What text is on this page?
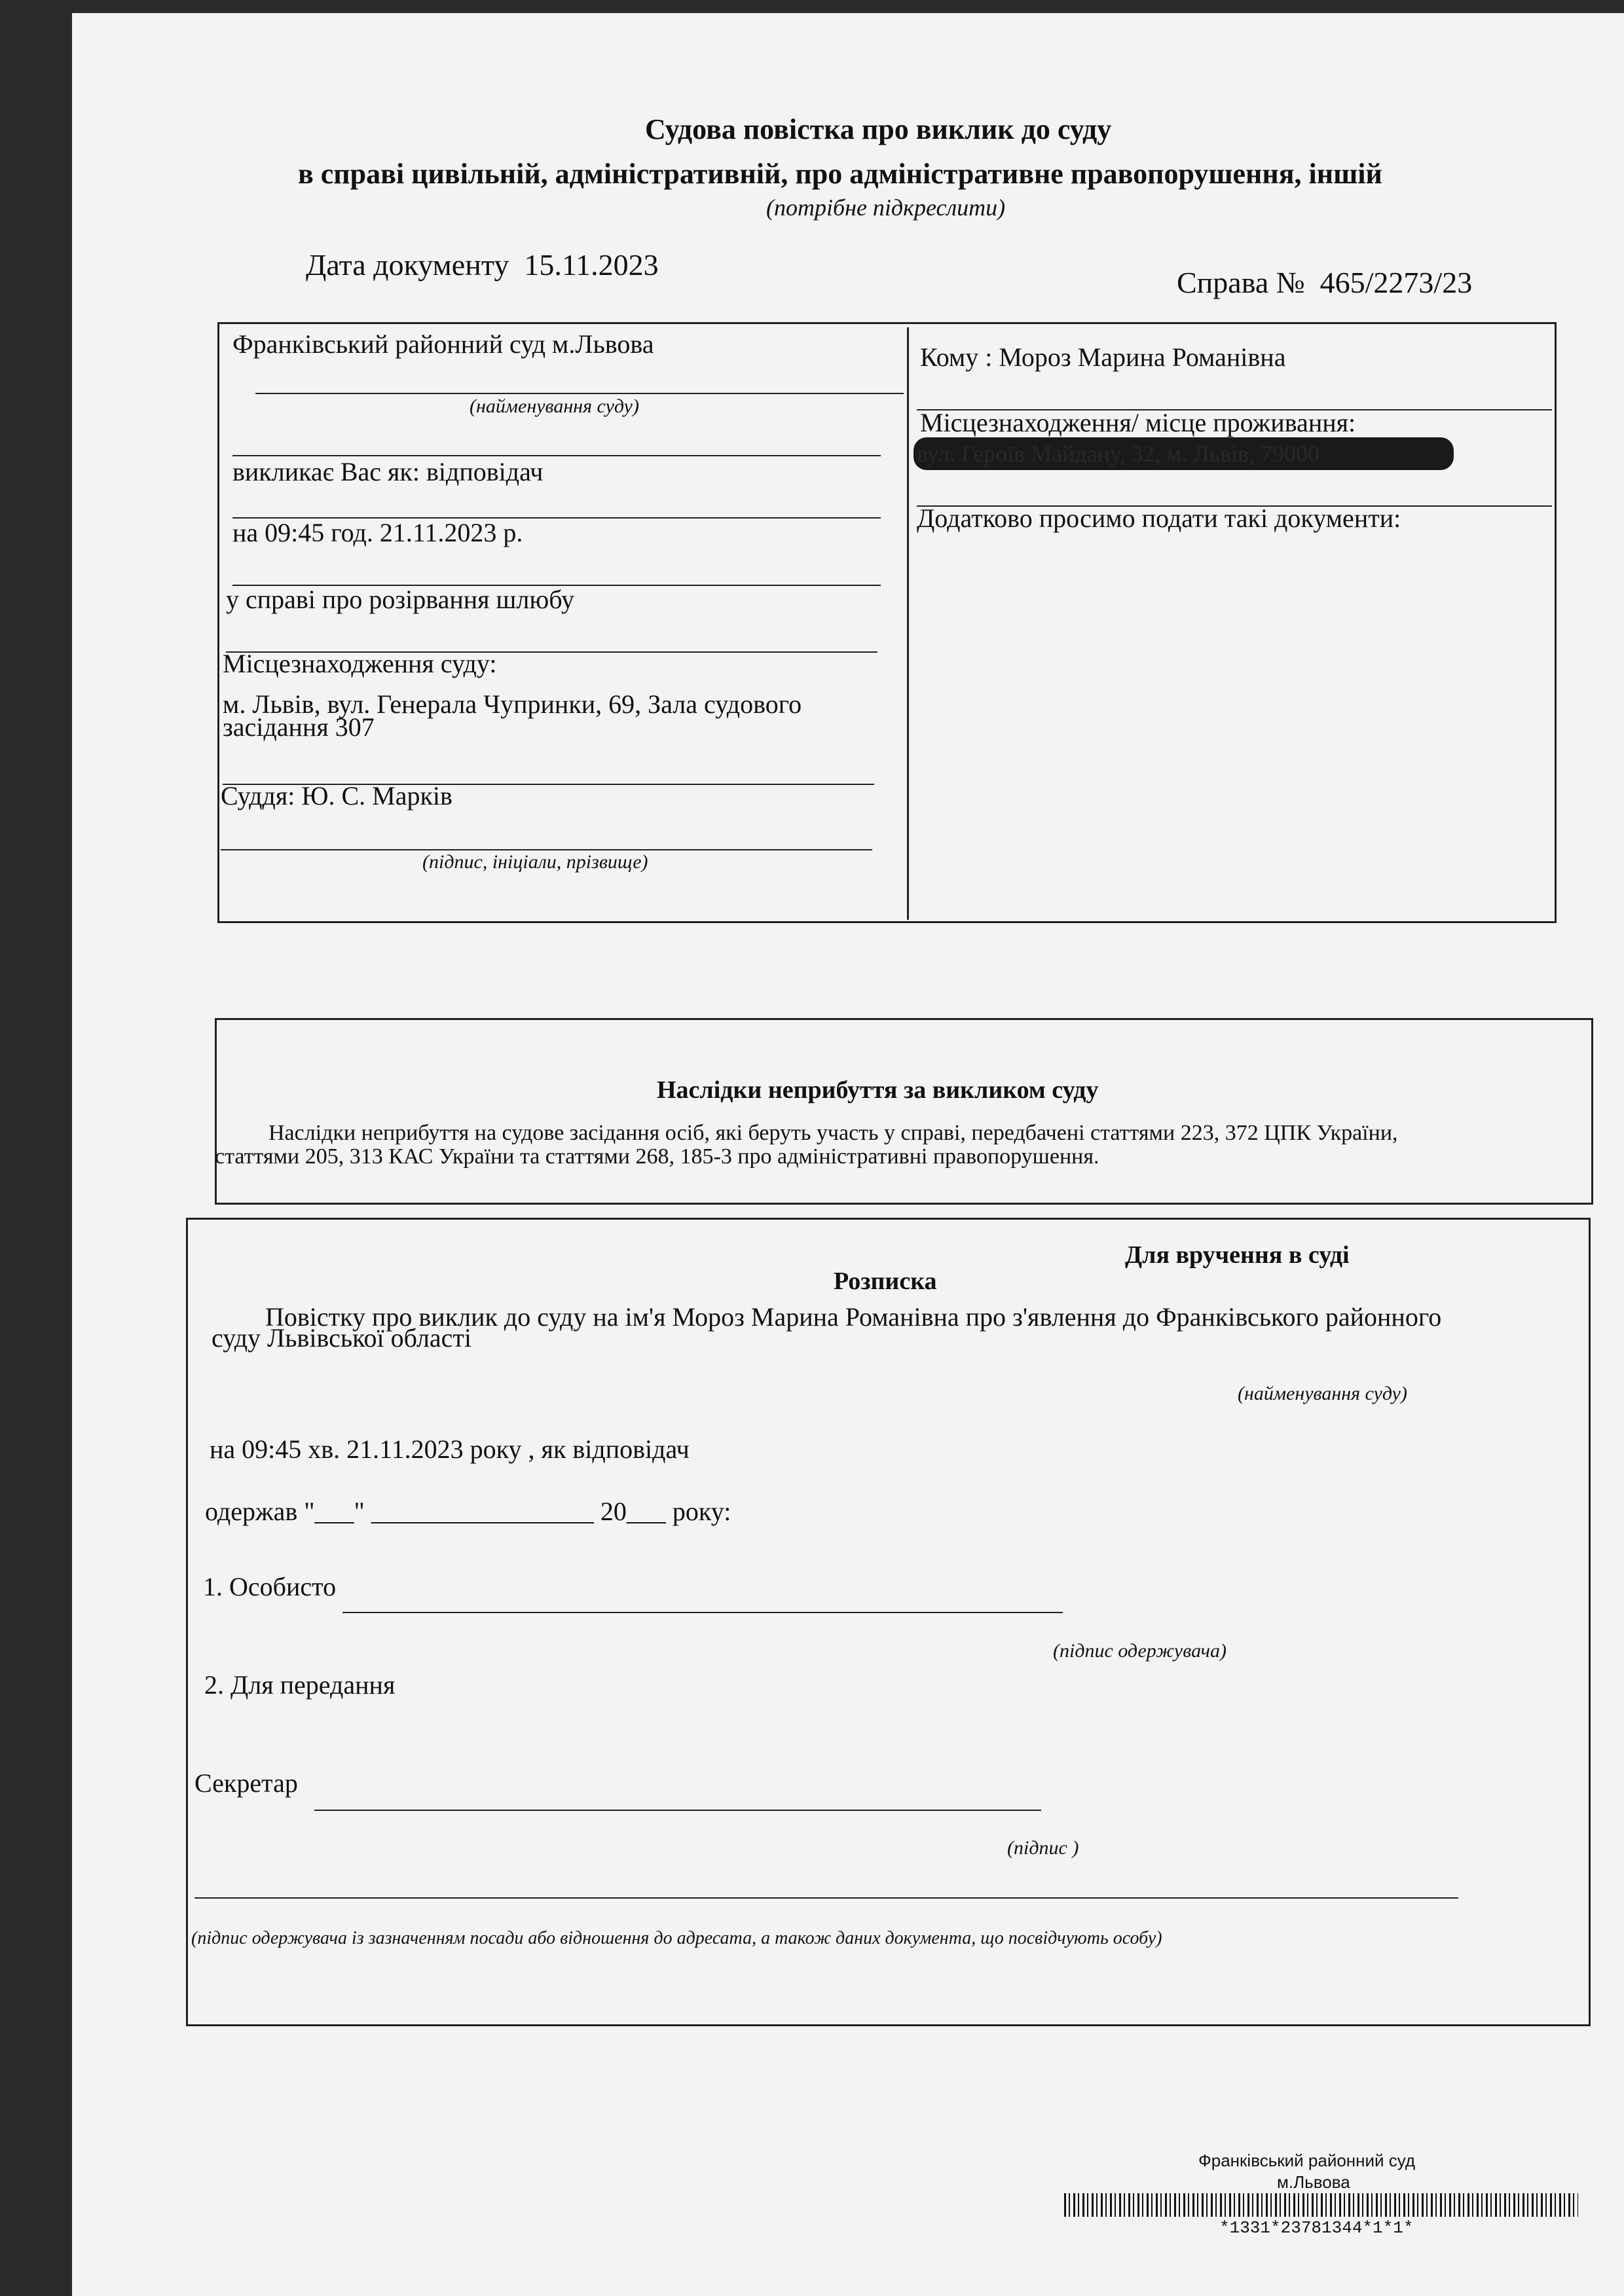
Судова повістка про виклик до суду
в справі цивільній, адміністративній, про адміністративне правопорушення, іншій
(потрібне підкреслити)
Дата документу 15.11.2023
Справа № 465/2273/23
Франківський районний суд м.Львова
(найменування суду)
викликає Вас як: відповідач
на 09:45 год. 21.11.2023 р.
у справі про розірвання шлюбу
Місцезнаходження суду:
м. Львів, вул. Генерала Чупринки, 69, Зала судового
засідання 307
Суддя: Ю. С. Марків
(підпис, ініціали, прізвище)
Кому : Мороз Марина Романівна
Місцезнаходження/ місце проживання:
вул. Героїв Майдану, 32, м. Львів, 79000
Додатково просимо подати такі документи:
Наслідки неприбуття за викликом суду
Наслідки неприбуття на судове засідання осіб, які беруть участь у справі, передбачені статтями 223, 372 ЦПК України,
статтями 205, 313 КАС України та статтями 268, 185-3 про адміністративні правопорушення.
Для вручення в суді
Розписка
Повістку про виклик до суду на ім'я Мороз Марина Романівна про з'явлення до Франківського районного
суду Львівської області
(найменування суду)
на 09:45 хв. 21.11.2023 року , як відповідач
одержав "___" _________________ 20___ року:
1. Особисто
(підпис одержувача)
2. Для передання
Секретар
(підпис )
(підпис одержувача із зазначенням посади або відношення до адресата, а також даних документа, що посвідчують особу)
Франківський районний суд
м.Львова
*1331*23781344*1*1*
